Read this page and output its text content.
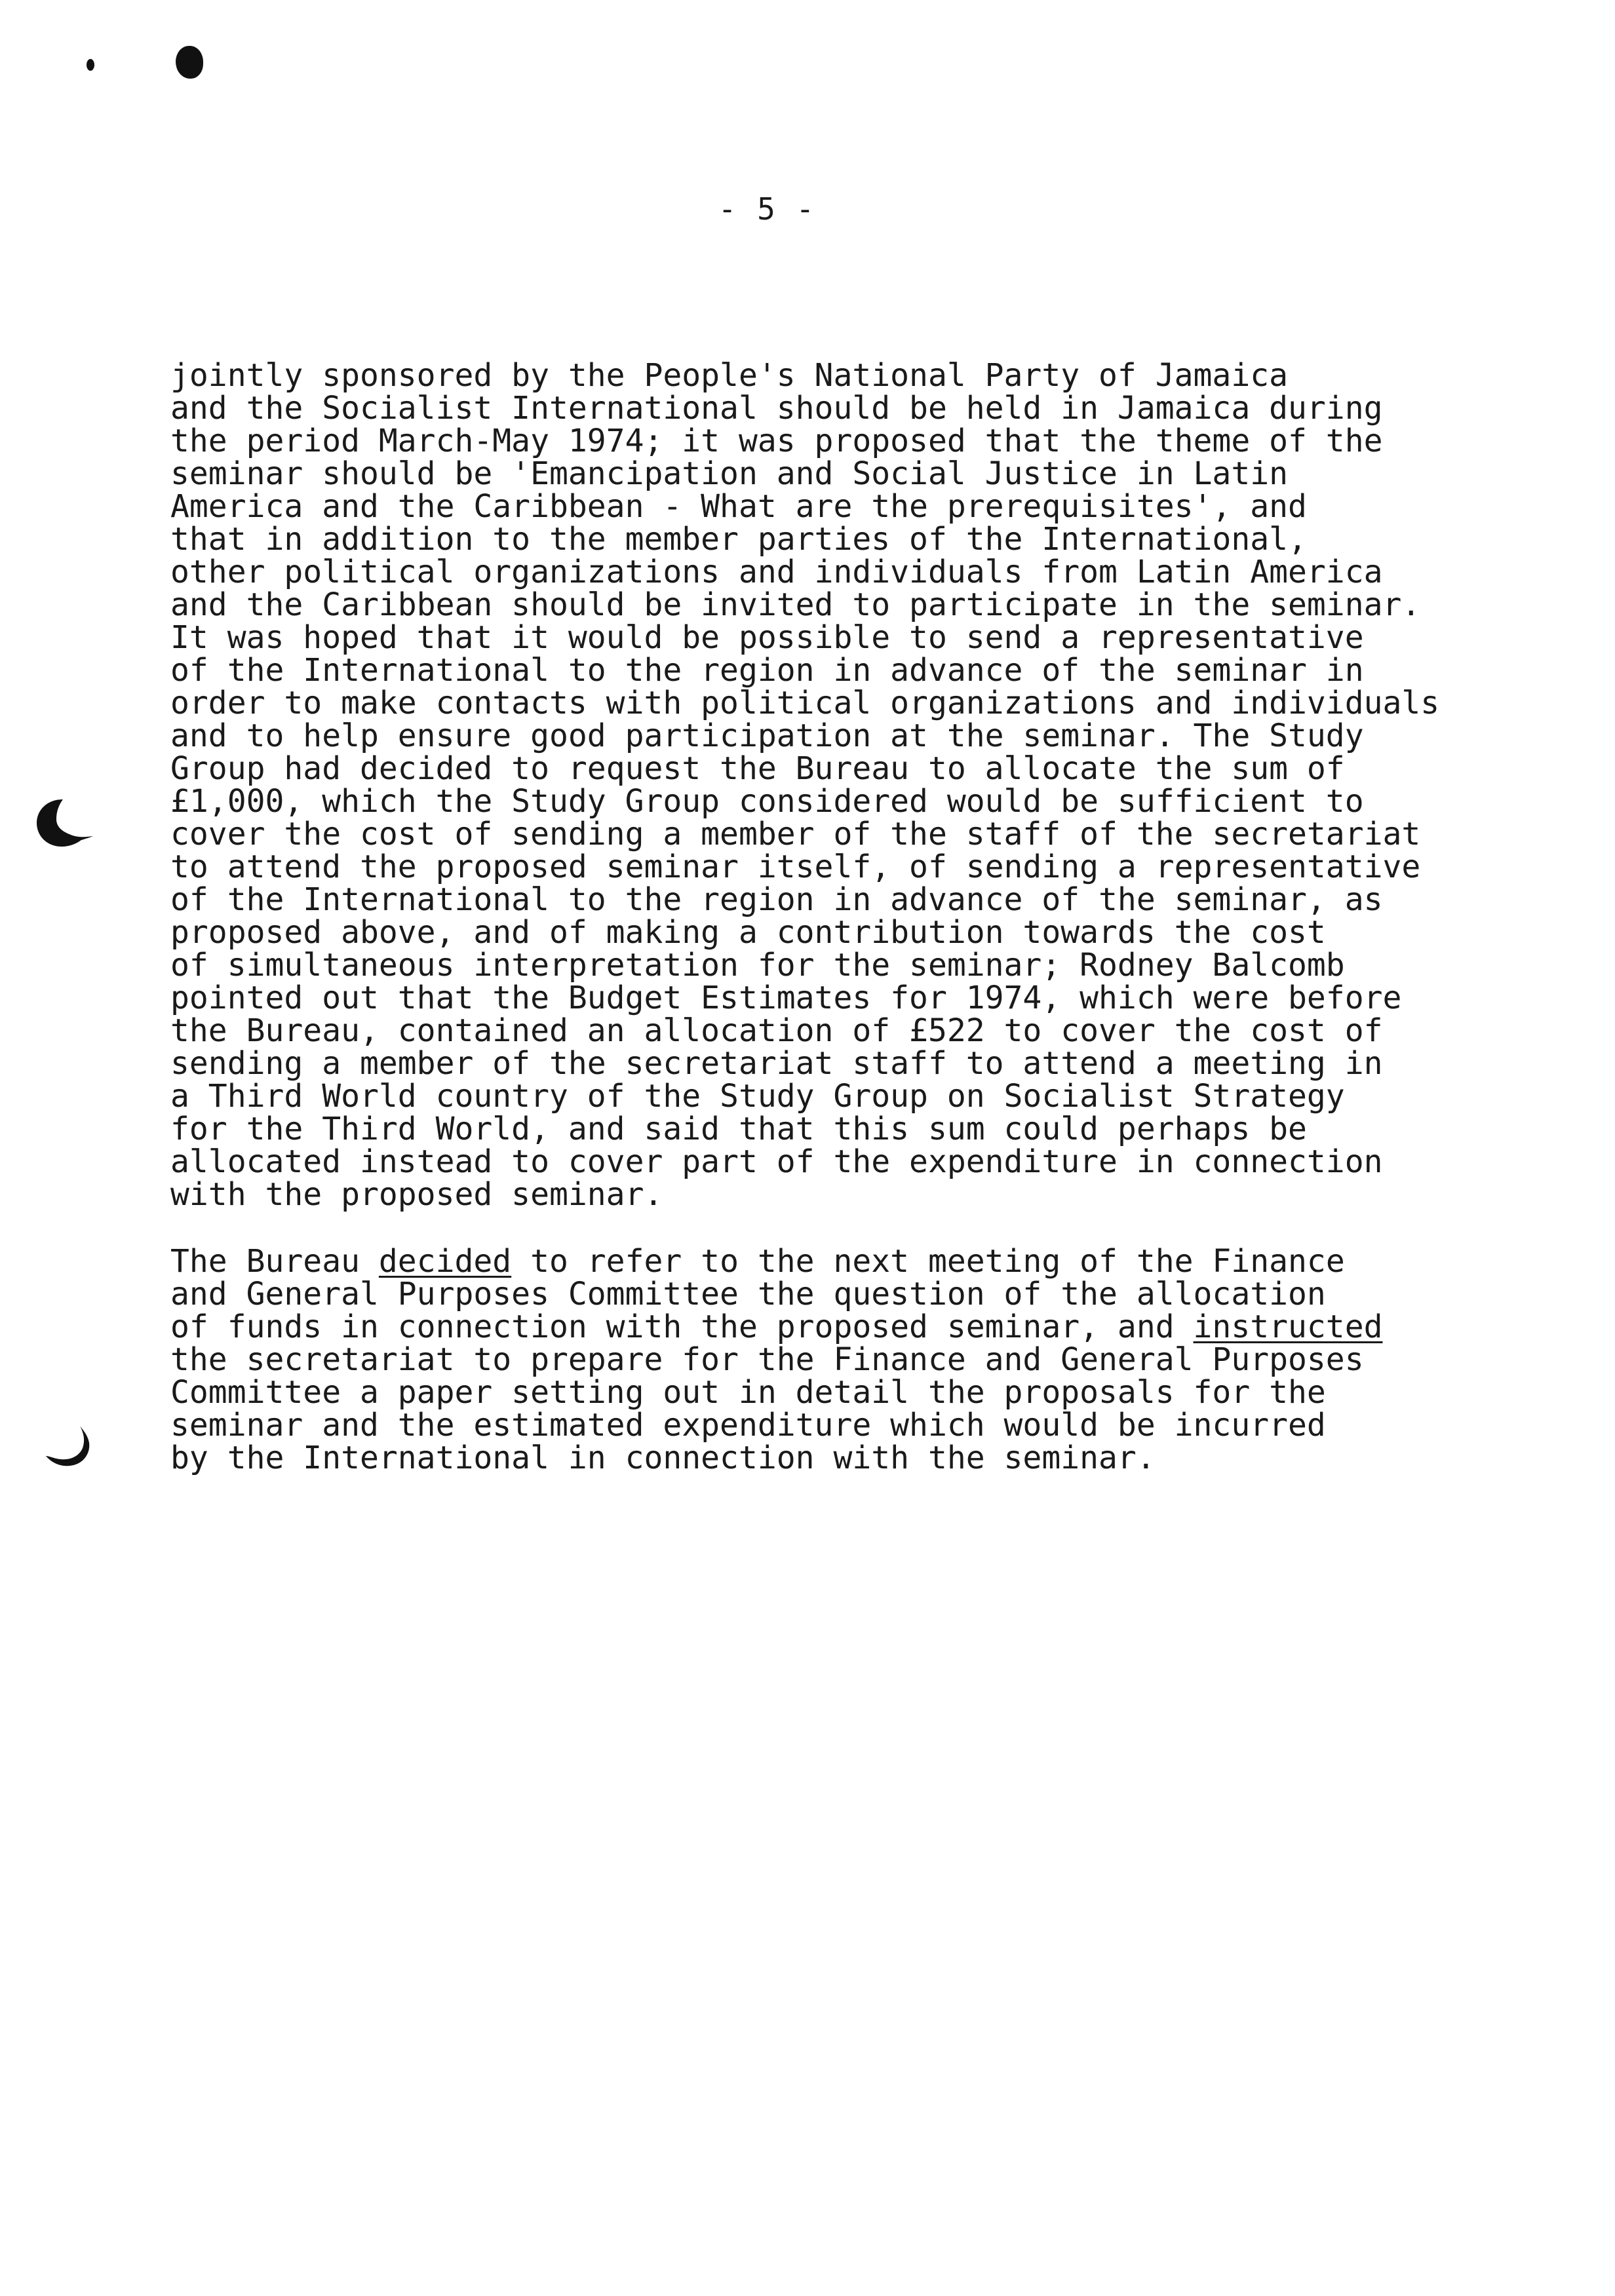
- 5 -
jointly sponsored by the People's National Party of Jamaica
and the Socialist International should be held in Jamaica during
the period March-May 1974; it was proposed that the theme of the
seminar should be 'Emancipation and Social Justice in Latin
America and the Caribbean - What are the prerequisites', and
that in addition to the member parties of the International,
other political organizations and individuals from Latin America
and the Caribbean should be invited to participate in the seminar.
It was hoped that it would be possible to send a representative
of the International to the region in advance of the seminar in
order to make contacts with political organizations and individuals
and to help ensure good participation at the seminar. The Study
Group had decided to request the Bureau to allocate the sum of
£1,000, which the Study Group considered would be sufficient to
cover the cost of sending a member of the staff of the secretariat
to attend the proposed seminar itself, of sending a representative
of the International to the region in advance of the seminar, as
proposed above, and of making a contribution towards the cost
of simultaneous interpretation for the seminar; Rodney Balcomb
pointed out that the Budget Estimates for 1974, which were before
the Bureau, contained an allocation of £522 to cover the cost of
sending a member of the secretariat staff to attend a meeting in
a Third World country of the Study Group on Socialist Strategy
for the Third World, and said that this sum could perhaps be
allocated instead to cover part of the expenditure in connection
with the proposed seminar.
The Bureau decided to refer to the next meeting of the Finance
and General Purposes Committee the question of the allocation
of funds in connection with the proposed seminar, and instructed
the secretariat to prepare for the Finance and General Purposes
Committee a paper setting out in detail the proposals for the
seminar and the estimated expenditure which would be incurred
by the International in connection with the seminar.
